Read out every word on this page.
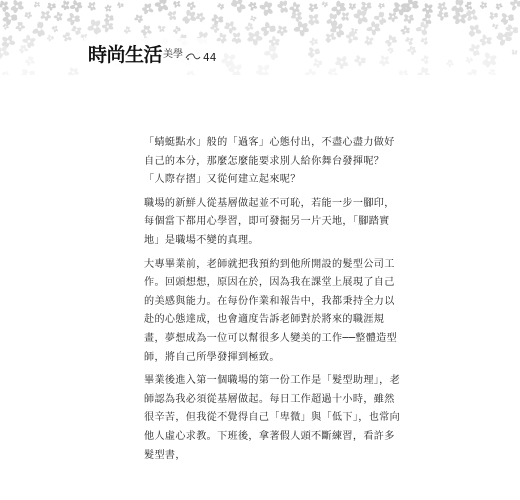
時尚生活 美學 44

「蜻蜓點水」般的「過客」心態付出，不盡心盡力做好自己的本分，那麼怎麼能要求別人給你舞台發揮呢？「人際存摺」又從何建立起來呢？

職場的新鮮人從基層做起並不可恥，若能一步一腳印，每個當下都用心學習，即可發掘另一片天地，「腳踏實地」是職場不變的真理。

大專畢業前，老師就把我預約到他所開設的髮型公司工作。回頭想想，原因在於，因為我在課堂上展現了自己的美感與能力。在每份作業和報告中，我都秉持全力以赴的心態達成，也會適度告訴老師對於將來的職涯規畫，夢想成為一位可以幫很多人變美的工作──整體造型師，將自己所學發揮到極致。

畢業後進入第一個職場的第一份工作是「髮型助理」，老師認為我必須從基層做起。每日工作超過十小時，雖然很辛苦，但我從不覺得自己「卑微」與「低下」，也常向他人虛心求教。下班後，拿著假人頭不斷練習，看許多髮型書，
